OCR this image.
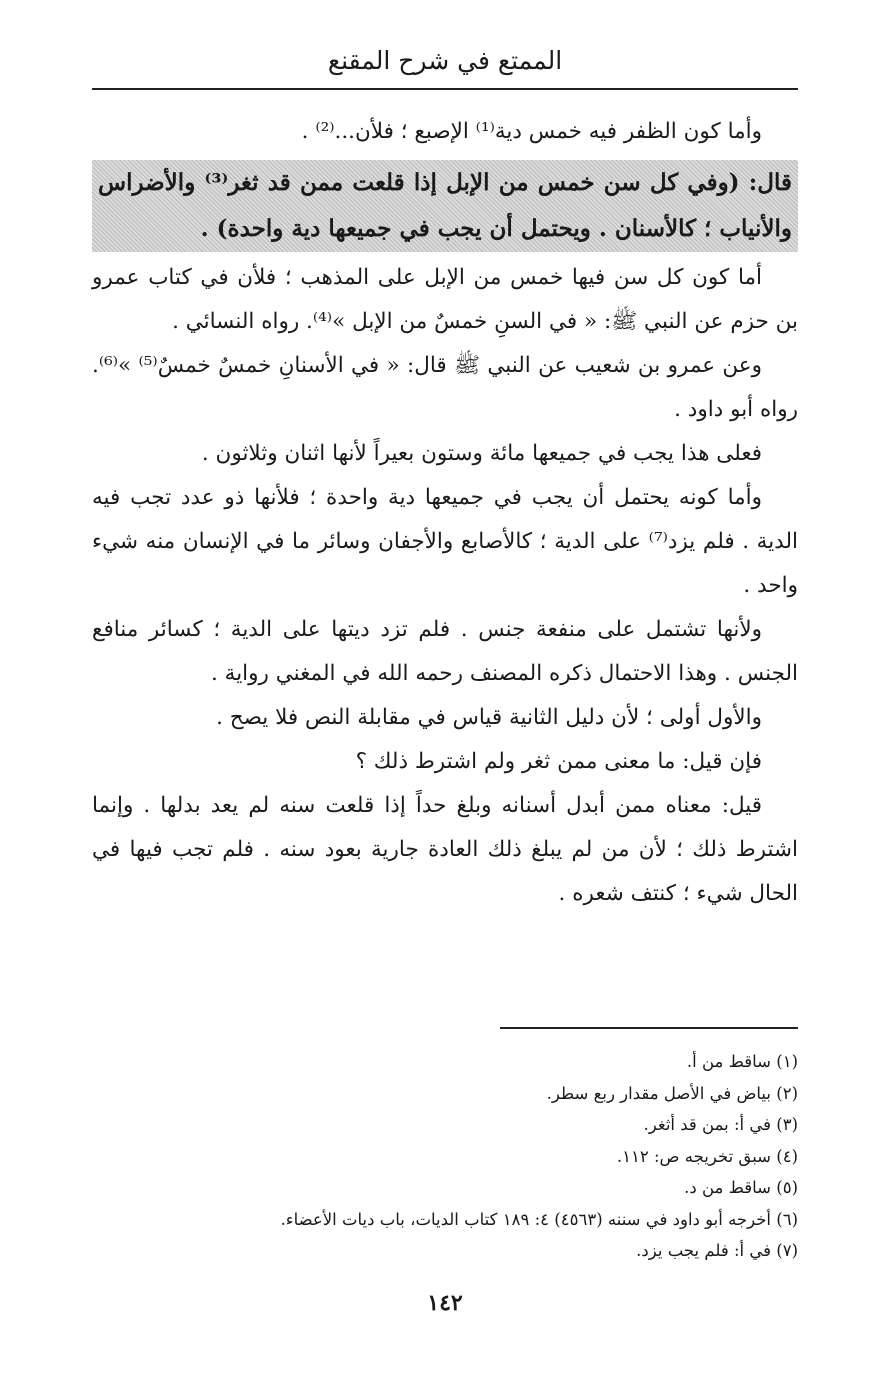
الممتع في شرح المقنع

وأما كون الظفر فيه خمس دية⁽¹⁾ الإصبع ؛ فلأن...⁽²⁾ .

قال: (وفي كل سن خمس من الإبل إذا قلعت ممن قد ثغر⁽³⁾ والأضراس والأنياب ؛ كالأسنان . ويحتمل أن يجب في جميعها دية واحدة) .

أما كون كل سن فيها خمس من الإبل على المذهب ؛ فلأن في كتاب عمرو بن حزم عن النبي ﷺ: « في السنِ خمسٌ من الإبل »⁽⁴⁾. رواه النسائي .

وعن عمرو بن شعيب عن النبي ﷺ قال: « في الأسنانِ خمسٌ خمسٌ⁽⁵⁾ »⁽⁶⁾. رواه أبو داود .

فعلى هذا يجب في جميعها مائة وستون بعيراً لأنها اثنان وثلاثون .

وأما كونه يحتمل أن يجب في جميعها دية واحدة ؛ فلأنها ذو عدد تجب فيه الدية . فلم يزد⁽⁷⁾ على الدية ؛ كالأصابع والأجفان وسائر ما في الإنسان منه شيء واحد .

ولأنها تشتمل على منفعة جنس . فلم تزد ديتها على الدية ؛ كسائر منافع الجنس . وهذا الاحتمال ذكره المصنف رحمه الله في المغني رواية .

والأول أولى ؛ لأن دليل الثانية قياس في مقابلة النص فلا يصح .

فإن قيل: ما معنى ممن ثغر ولم اشترط ذلك ؟

قيل: معناه ممن أبدل أسنانه وبلغ حداً إذا قلعت سنه لم يعد بدلها . وإنما اشترط ذلك ؛ لأن من لم يبلغ ذلك العادة جارية بعود سنه . فلم تجب فيها في الحال شيء ؛ كنتف شعره .

(١) ساقط من أ.
(٢) بياض في الأصل مقدار ربع سطر.
(٣) في أ: بمن قد أثغر.
(٤) سبق تخريجه ص: ١١٢.
(٥) ساقط من د.
(٦) أخرجه أبو داود في سننه (٤٥٦٣) ٤: ١٨٩ كتاب الديات، باب ديات الأعضاء.
(٧) في أ: فلم يجب يزد.
١٤٢
